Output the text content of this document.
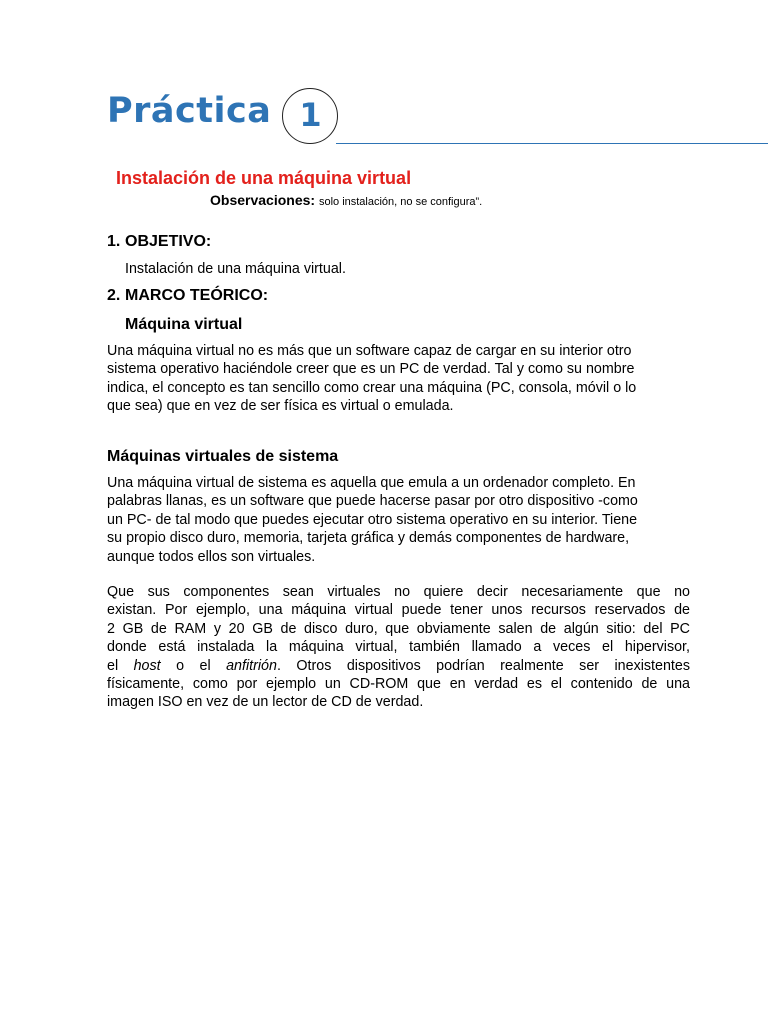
Práctica 1
Instalación de una máquina virtual
Observaciones: solo instalación, no se configura”.
1. OBJETIVO:

Instalación de una máquina virtual.

2. MARCO TEÓRICO:
Máquina virtual
Una máquina virtual no es más que un software capaz de cargar en su interior otro
sistema operativo haciéndole creer que es un PC de verdad. Tal y como su nombre
indica, el concepto es tan sencillo como crear una máquina (PC, consola, móvil o lo
que sea) que en vez de ser física es virtual o emulada.
Máquinas virtuales de sistema
Una máquina virtual de sistema es aquella que emula a un ordenador completo. En
palabras llanas, es un software que puede hacerse pasar por otro dispositivo -como
un PC- de tal modo que puedes ejecutar otro sistema operativo en su interior. Tiene
su propio disco duro, memoria, tarjeta gráfica y demás componentes de hardware,
aunque todos ellos son virtuales.
Que sus componentes sean virtuales no quiere decir necesariamente que no
existan. Por ejemplo, una máquina virtual puede tener unos recursos reservados de
2 GB de RAM y 20 GB de disco duro, que obviamente salen de algún sitio: del PC
donde está instalada la máquina virtual, también llamado a veces el hipervisor,
el host o el anfitrión. Otros dispositivos podrían realmente ser inexistentes
físicamente, como por ejemplo un CD-ROM que en verdad es el contenido de una
imagen ISO en vez de un lector de CD de verdad.
